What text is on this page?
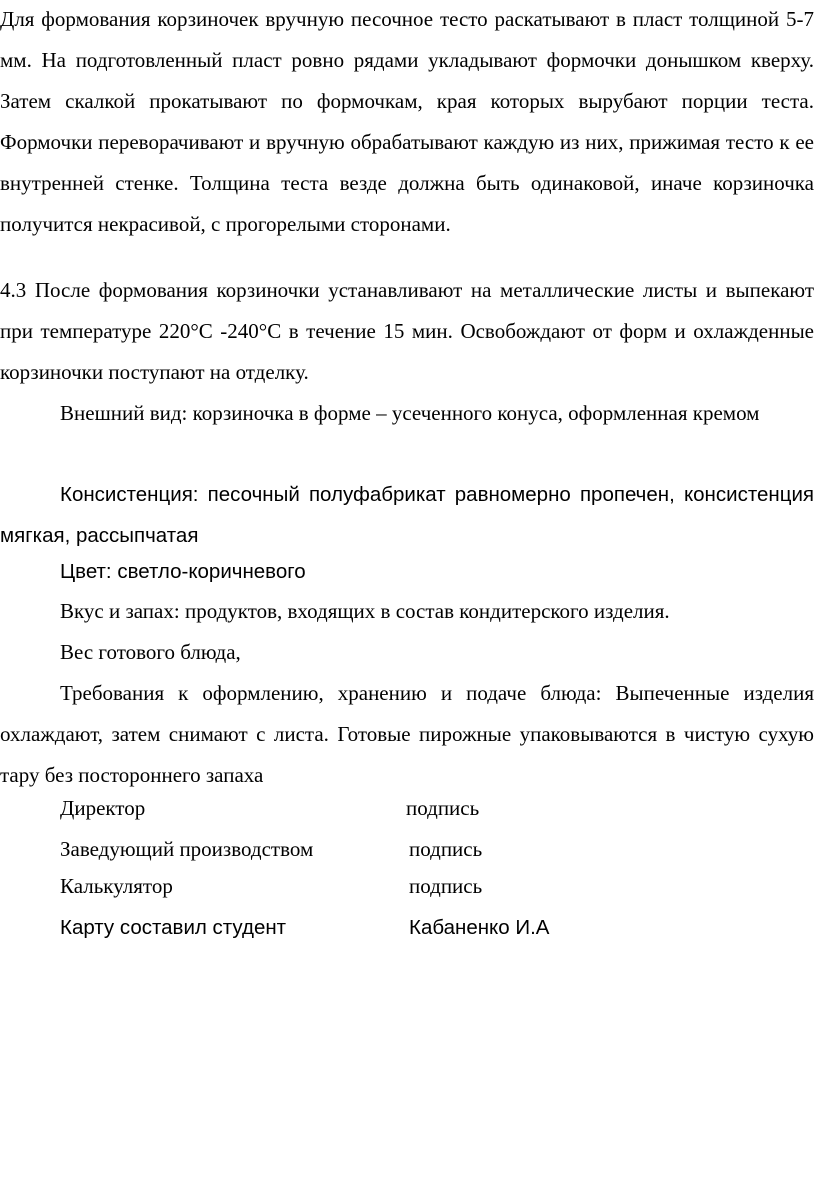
Для формования корзиночек вручную песочное тесто раскатывают в пласт толщиной 5-7 мм. На подготовленный пласт ровно рядами укладывают формочки донышком кверху. Затем скалкой прокатывают по формочкам, края которых вырубают порции теста. Формочки переворачивают и вручную обрабатывают каждую из них, прижимая тесто к ее внутренней стенке. Толщина теста везде должна быть одинаковой, иначе корзиночка получится некрасивой, с прогорелыми сторонами.

4.3 После формования корзиночки устанавливают на металлические листы и выпекают при температуре 220°С -240°С в течение 15 мин. Освобождают от форм и охлажденные корзиночки поступают на отделку.

Внешний вид: корзиночка в форме – усеченного конуса, оформленная кремом

Консистенция: песочный полуфабрикат равномерно пропечен, консистенция мягкая, рассыпчатая

Цвет: светло-коричневого

Вкус и запах: продуктов, входящих в состав кондитерского изделия.

Вес готового блюда,

Требования к оформлению, хранению и подаче блюда: Выпеченные изделия охлаждают, затем снимают с листа. Готовые пирожные упаковываются в чистую сухую тару без постороннего запаха

Директор	подпись
Заведующий производством	подпись
Калькулятор	подпись
Карту составил студент	Кабаненко И.А
